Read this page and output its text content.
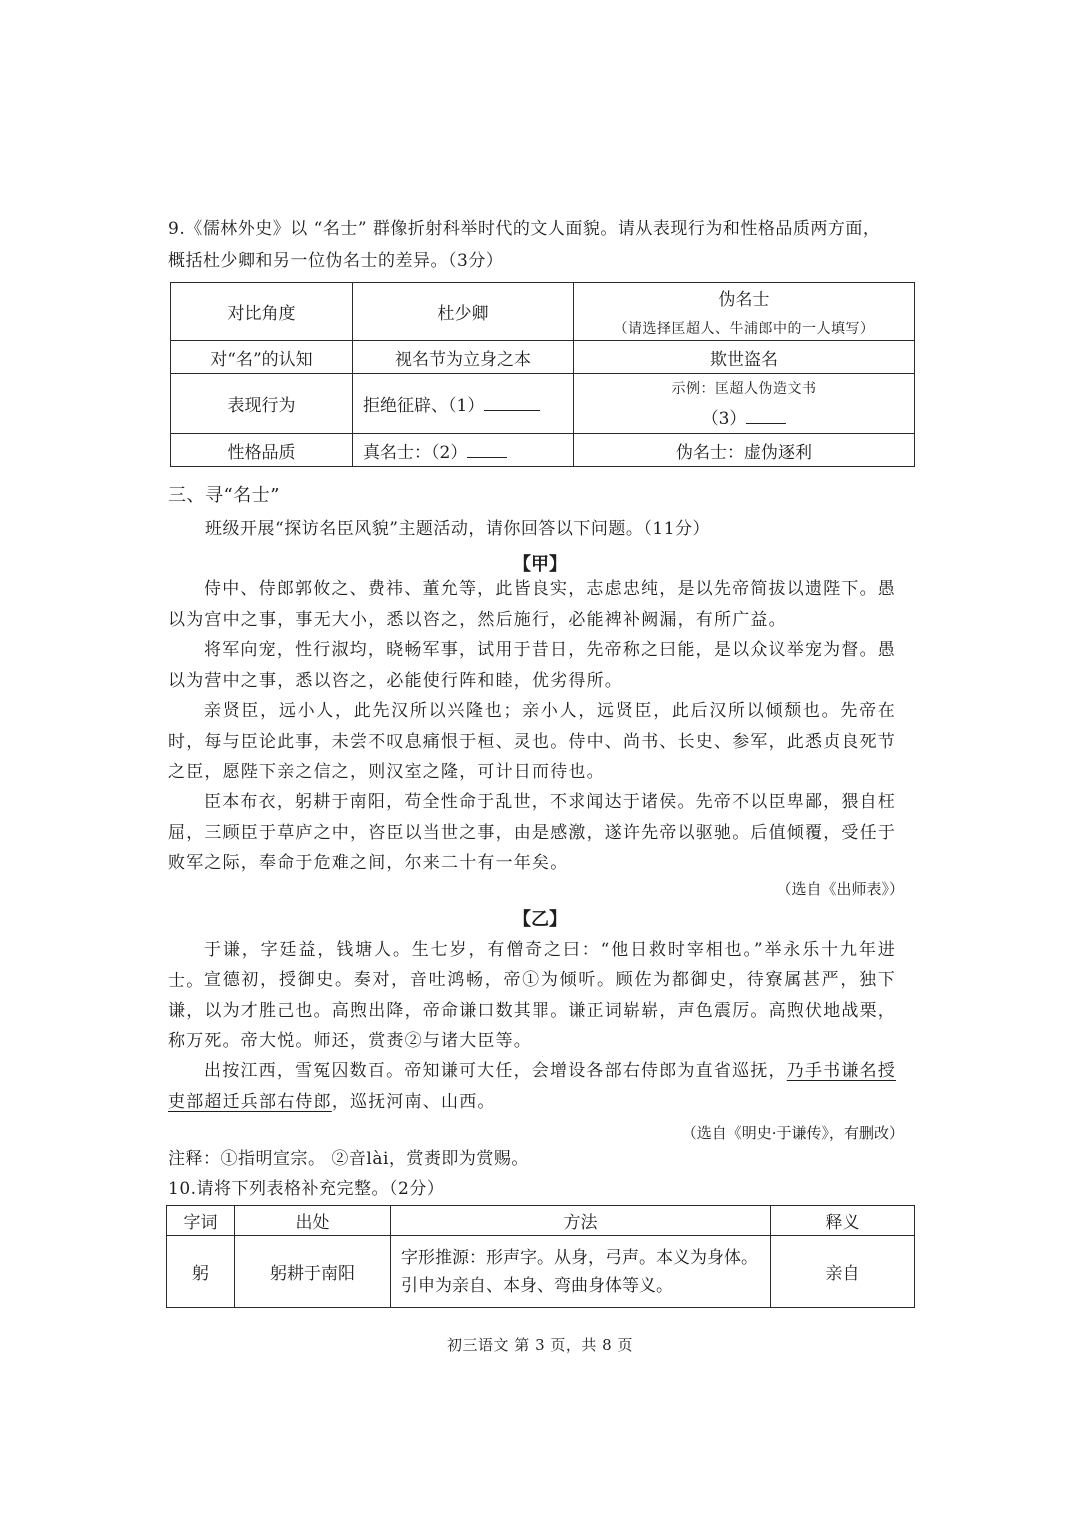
9.《儒林外史》以 “名士” 群像折射科举时代的文人面貌。请从表现行为和性格品质两方面，
概括杜少卿和另一位伪名士的差异。（3分）
对比角度	杜少卿	伪名士
（请选择匡超人、牛浦郎中的一人填写）

对“名”的认知	视名节为立身之本	欺世盗名
表现行为	拒绝征辟、（1）	示例：匡超人伪造文书
（3）

性格品质	真名士：（2）	伪名士：虚伪逐利
三、寻“名士”
班级开展“探访名臣风貌”主题活动，请你回答以下问题。（11分）
【甲】
侍中、侍郎郭攸之、费祎、董允等，此皆良实，志虑忠纯，是以先帝简拔以遗陛下。愚以为宫中之事，事无大小，悉以咨之，然后施行，必能裨补阙漏，有所广益。
将军向宠，性行淑均，晓畅军事，试用于昔日，先帝称之曰能，是以众议举宠为督。愚以为营中之事，悉以咨之，必能使行阵和睦，优劣得所。
亲贤臣，远小人，此先汉所以兴隆也；亲小人，远贤臣，此后汉所以倾颓也。先帝在时，每与臣论此事，未尝不叹息痛恨于桓、灵也。侍中、尚书、长史、参军，此悉贞良死节之臣，愿陛下亲之信之，则汉室之隆，可计日而待也。
臣本布衣，躬耕于南阳，苟全性命于乱世，不求闻达于诸侯。先帝不以臣卑鄙，猥自枉屈，三顾臣于草庐之中，咨臣以当世之事，由是感激，遂许先帝以驱驰。后值倾覆，受任于败军之际，奉命于危难之间，尔来二十有一年矣。
（选自《出师表》）
【乙】
于谦，字廷益，钱塘人。生七岁，有僧奇之曰：“他日救时宰相也。”举永乐十九年进士。 宣德初，授御史。奏对，音吐鸿畅，帝①为倾听。顾佐为都御史，待寮属甚严，独下谦，以为才胜己也。高煦出降，帝命谦口数其罪。谦正词崭崭，声色震厉。高煦伏地战栗，称万死。帝大悦。师还，赏赉②与诸大臣等。
出按江西，雪冤囚数百。帝知谦可大任，会增设各部右侍郎为直省巡抚，乃手书谦名授吏部超迁兵部右侍郎，巡抚河南、山西。
（选自《明史·于谦传》，有删改）
注释：①指明宣宗。 ②音lài，赏赉即为赏赐。
10.请将下列表格补充完整。（2分）
字词	出处	方法	释义
躬	躬耕于南阳	字形推源：形声字。从身，弓声。本义为身体。
引申为亲自、本身、弯曲身体等义。	亲自
初三语文 第 3 页，共 8 页
